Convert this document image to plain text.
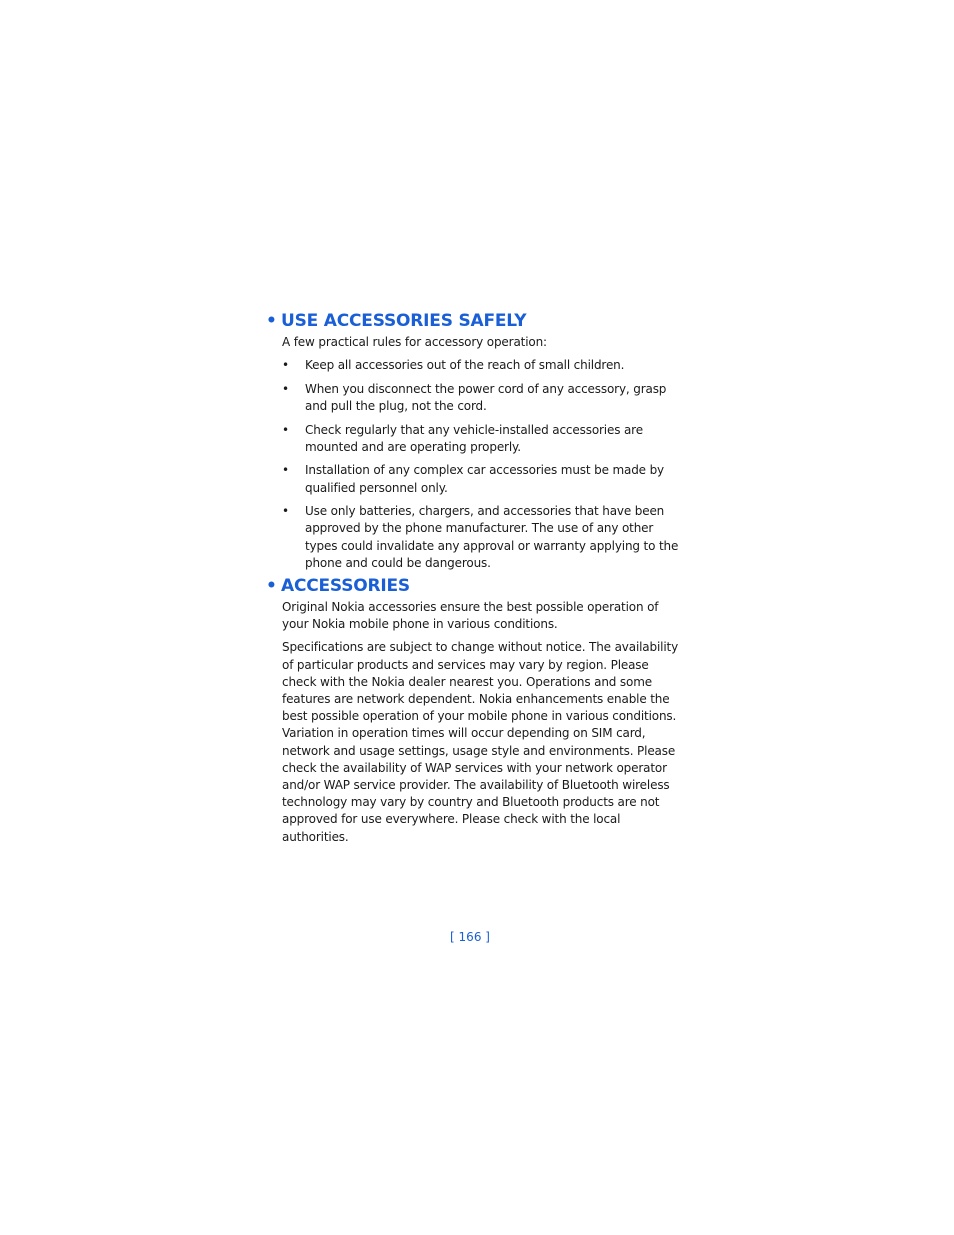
• USE ACCESSORIES SAFELY
A few practical rules for accessory operation:
• Keep all accessories out of the reach of small children.
• When you disconnect the power cord of any accessory, grasp and pull the plug, not the cord.
• Check regularly that any vehicle-installed accessories are mounted and are operating properly.
• Installation of any complex car accessories must be made by qualified personnel only.
• Use only batteries, chargers, and accessories that have been approved by the phone manufacturer. The use of any other types could invalidate any approval or warranty applying to the phone and could be dangerous.
• ACCESSORIES

Original Nokia accessories ensure the best possible operation of your Nokia mobile phone in various conditions.

Specifications are subject to change without notice. The availability of particular products and services may vary by region. Please check with the Nokia dealer nearest you. Operations and some features are network dependent. Nokia enhancements enable the best possible operation of your mobile phone in various conditions. Variation in operation times will occur depending on SIM card, network and usage settings, usage style and environments. Please check the availability of WAP services with your network operator and/or WAP service provider. The availability of Bluetooth wireless technology may vary by country and Bluetooth products are not approved for use everywhere. Please check with the local authorities.

[ 166 ]
